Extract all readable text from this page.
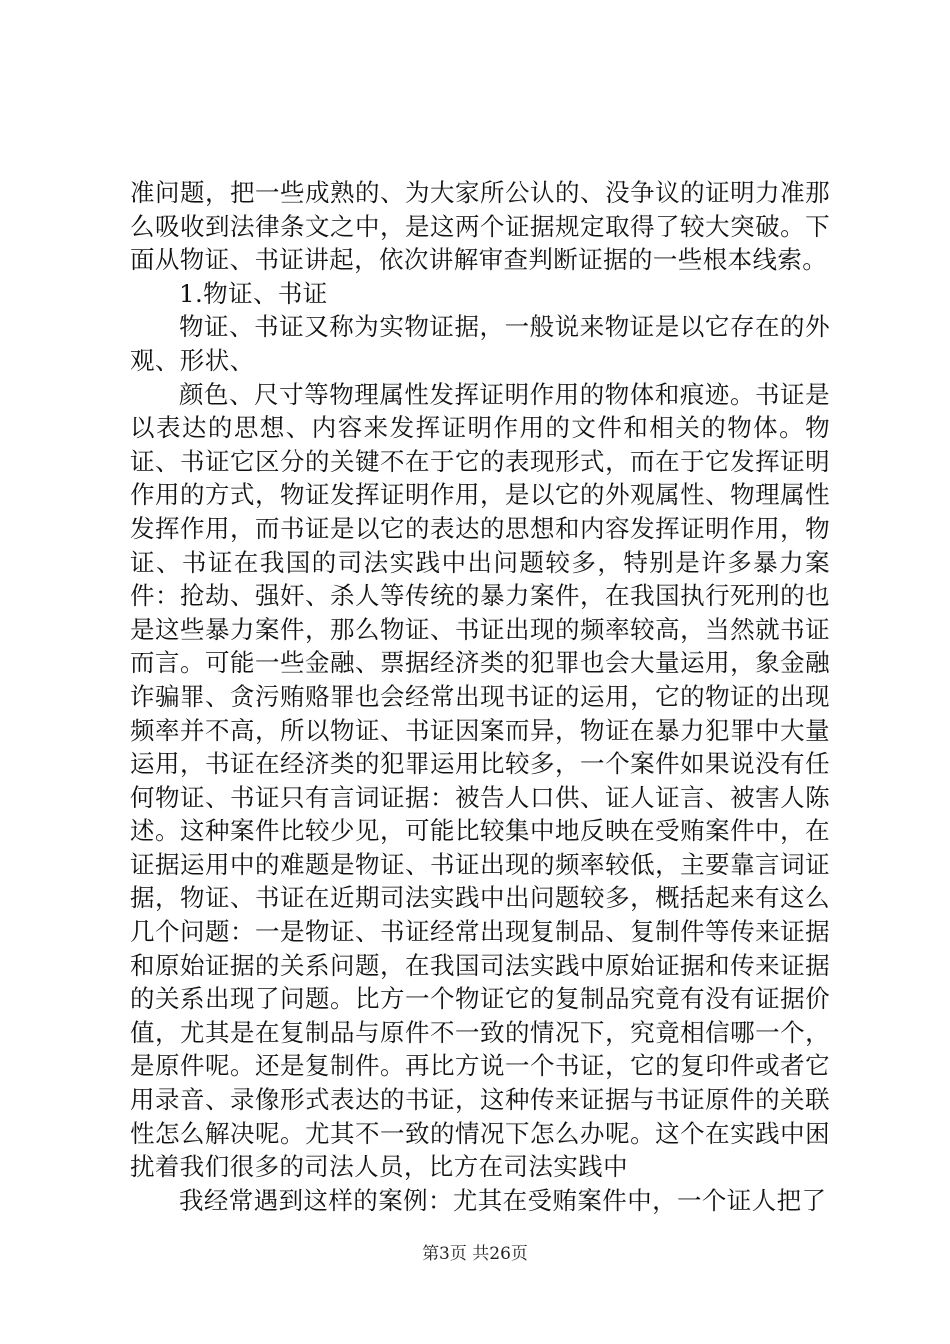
准问题，把一些成熟的、为大家所公认的、没争议的证明力准那么吸收到法律条文之中，是这两个证据规定取得了较大突破。下面从物证、书证讲起，依次讲解审查判断证据的一些根本线索。

1.物证、书证

物证、书证又称为实物证据，一般说来物证是以它存在的外观、形状、

颜色、尺寸等物理属性发挥证明作用的物体和痕迹。书证是以表达的思想、内容来发挥证明作用的文件和相关的物体。物证、书证它区分的关键不在于它的表现形式，而在于它发挥证明作用的方式，物证发挥证明作用，是以它的外观属性、物理属性发挥作用，而书证是以它的表达的思想和内容发挥证明作用，物证、书证在我国的司法实践中出问题较多，特别是许多暴力案件：抢劫、强奸、杀人等传统的暴力案件，在我国执行死刑的也是这些暴力案件，那么物证、书证出现的频率较高，当然就书证而言。可能一些金融、票据经济类的犯罪也会大量运用，象金融诈骗罪、贪污贿赂罪也会经常出现书证的运用，它的物证的出现频率并不高，所以物证、书证因案而异，物证在暴力犯罪中大量运用，书证在经济类的犯罪运用比较多，一个案件如果说没有任何物证、书证只有言词证据：被告人口供、证人证言、被害人陈述。这种案件比较少见，可能比较集中地反映在受贿案件中，在证据运用中的难题是物证、书证出现的频率较低，主要靠言词证据，物证、书证在近期司法实践中出问题较多，概括起来有这么几个问题：一是物证、书证经常出现复制品、复制件等传来证据和原始证据的关系问题，在我国司法实践中原始证据和传来证据的关系出现了问题。比方一个物证它的复制品究竟有没有证据价值，尤其是在复制品与原件不一致的情况下，究竟相信哪一个，是原件呢。还是复制件。再比方说一个书证，它的复印件或者它用录音、录像形式表达的书证，这种传来证据与书证原件的关联性怎么解决呢。尤其不一致的情况下怎么办呢。这个在实践中困扰着我们很多的司法人员，比方在司法实践中

我经常遇到这样的案例：尤其在受贿案件中，一个证人把了

第3页 共26页
